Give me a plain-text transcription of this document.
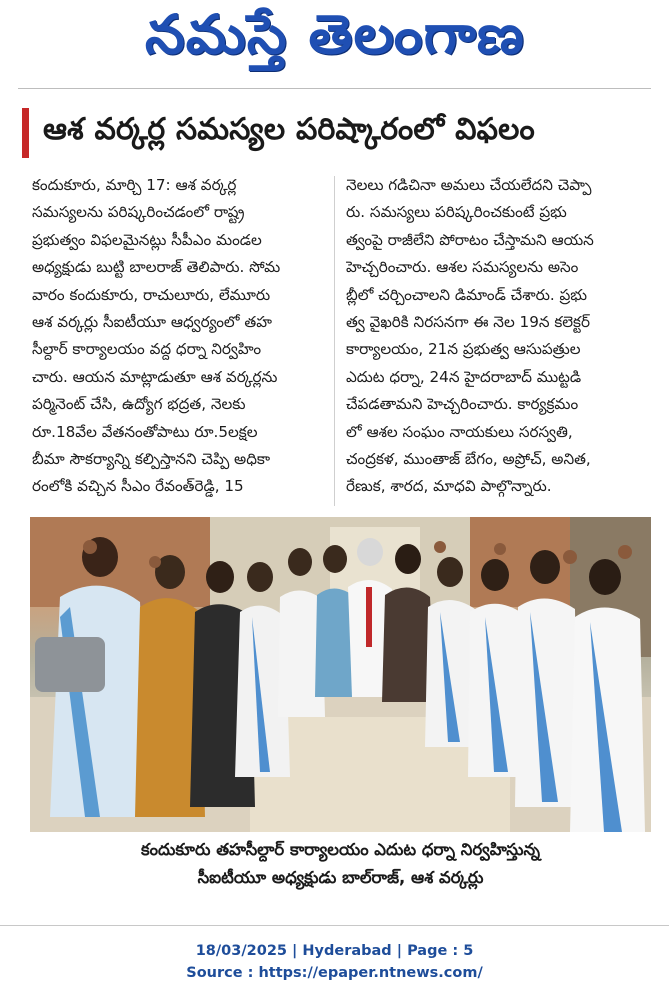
నమస్తే తెలంగాణ
ఆశ వర్కర్ల సమస్యల పరిష్కారంలో విఫలం
కందుకూరు, మార్చి 17: ఆశ వర్కర్ల
సమస్యలను పరిష్కరించడంలో రాష్ట్ర
ప్రభుత్వం విఫలమైనట్లు సీపీఎం మండల
అధ్యక్షుడు బుట్టి బాలరాజ్ తెలిపారు. సోమ
వారం కందుకూరు, రాచులూరు, లేమూరు
ఆశ వర్కర్లు సీఐటీయూ ఆధ్వర్యంలో తహ
సీల్దార్ కార్యాలయం వద్ద ధర్నా నిర్వహిం
చారు. ఆయన మాట్లాడుతూ ఆశ వర్కర్లను
పర్మినెంట్ చేసి, ఉద్యోగ భద్రత, నెలకు
రూ.18వేల వేతనంతోపాటు రూ.5లక్షల
బీమా సౌకర్యాన్ని కల్పిస్తానని చెప్పి అధికా
రంలోకి వచ్చిన సీఎం రేవంత్‌రెడ్డి, 15
నెలలు గడిచినా అమలు చేయలేదని చెప్పా
రు. సమస్యలు పరిష్కరించకుంటే ప్రభు
త్వంపై రాజీలేని పోరాటం చేస్తామని ఆయన
హెచ్చరించారు. ఆశల సమస్యలను అసెం
బ్లీలో చర్చించాలని డిమాండ్ చేశారు. ప్రభు
త్వ వైఖరికి నిరసనగా ఈ నెల 19న కలెక్టర్
కార్యాలయం, 21న ప్రభుత్వ ఆసుపత్రుల
ఎదుట ధర్నా, 24న హైదరాబాద్ ముట్టడి
చేపడతామని హెచ్చరించారు. కార్యక్రమం
లో ఆశల సంఘం నాయకులు సరస్వతి,
చంద్రకళ, ముంతాజ్ బేగం, అప్రోచ్, అనిత,
రేణుక, శారద, మాధవి పాల్గొన్నారు.
కందుకూరు తహసీల్దార్ కార్యాలయం ఎదుట ధర్నా నిర్వహిస్తున్న
సీఐటీయూ అధ్యక్షుడు బాల్‌రాజ్, ఆశ వర్కర్లు
18/03/2025 | Hyderabad | Page : 5
Source : https://epaper.ntnews.com/
